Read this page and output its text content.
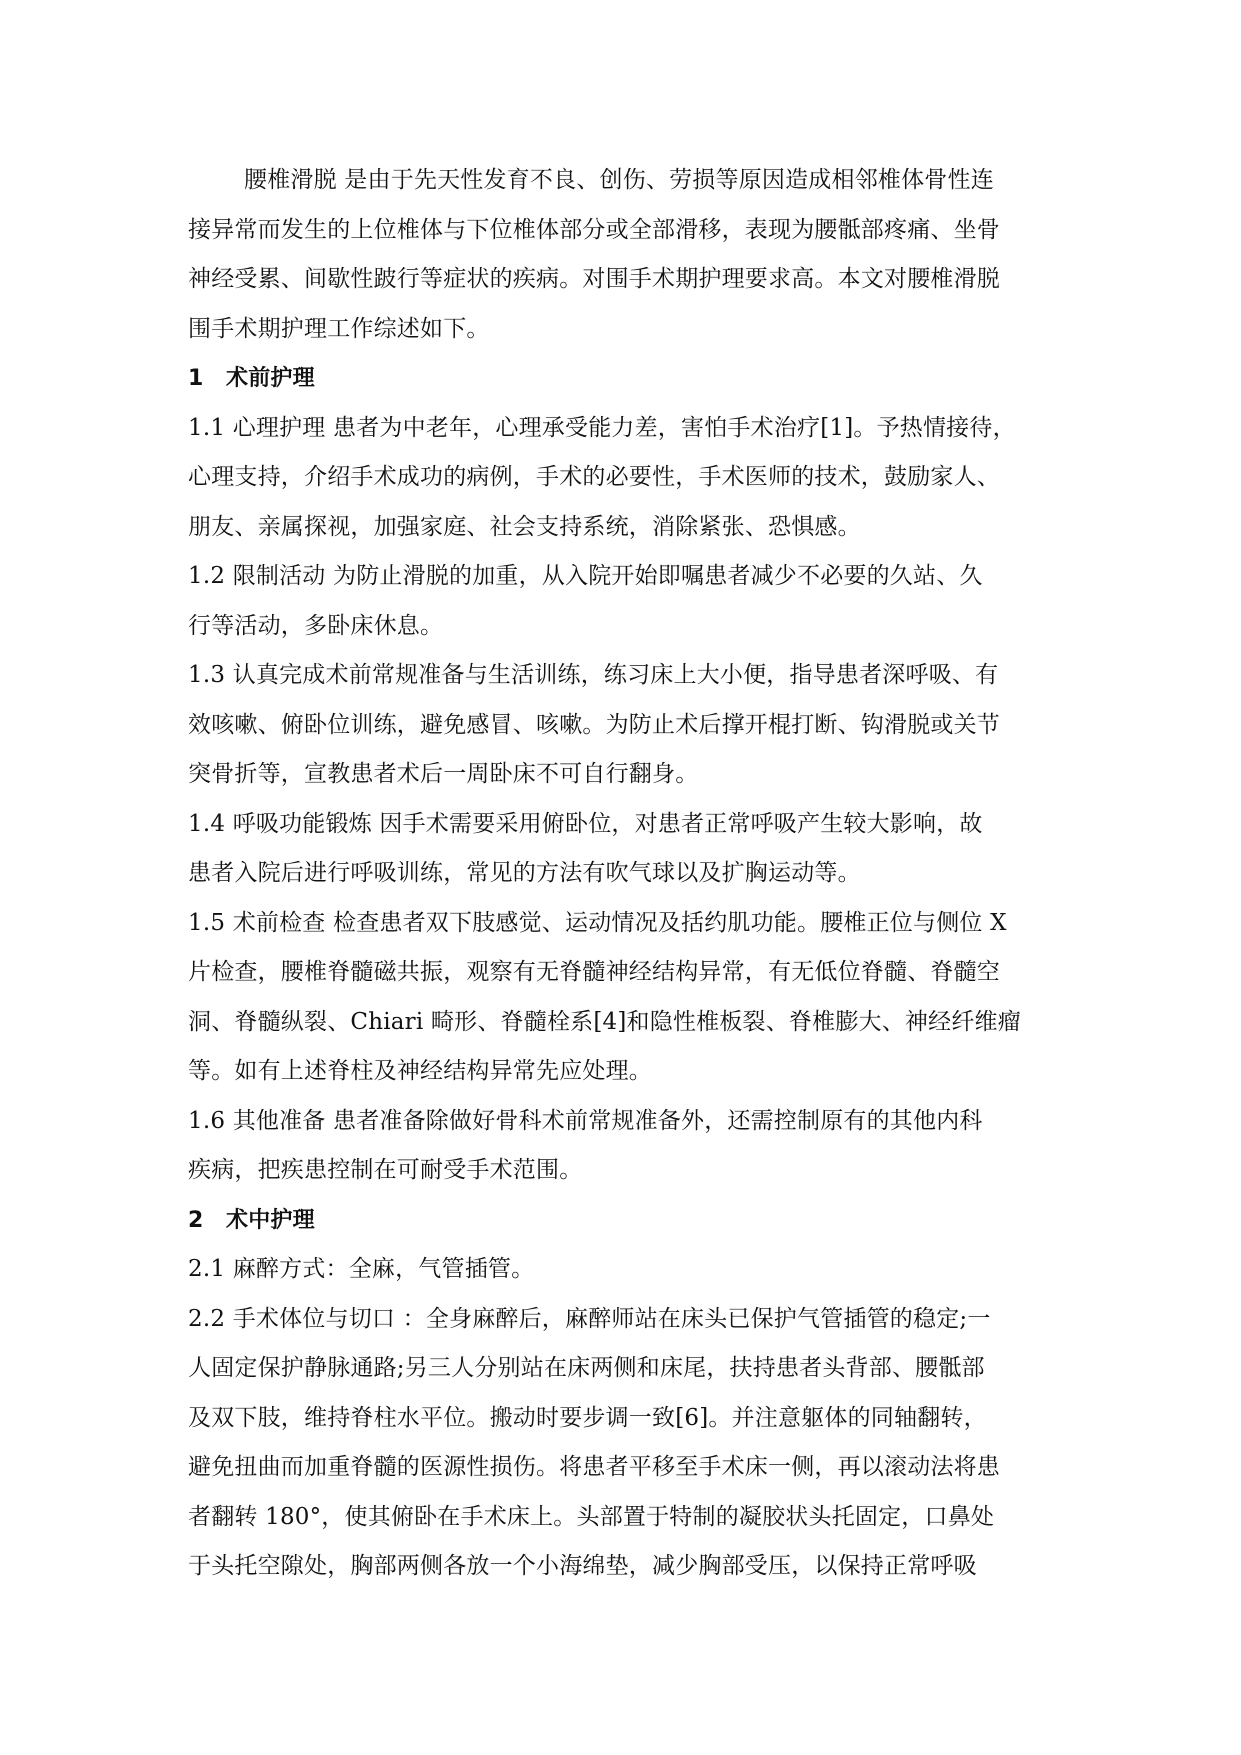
腰椎滑脱 是由于先天性发育不良、创伤、劳损等原因造成相邻椎体骨性连
接异常而发生的上位椎体与下位椎体部分或全部滑移，表现为腰骶部疼痛、坐骨
神经受累、间歇性跛行等症状的疾病。对围手术期护理要求高。本文对腰椎滑脱
围手术期护理工作综述如下。
1 术前护理
1.1 心理护理 患者为中老年，心理承受能力差，害怕手术治疗[1]。予热情接待，
心理支持，介绍手术成功的病例，手术的必要性，手术医师的技术，鼓励家人、
朋友、亲属探视，加强家庭、社会支持系统，消除紧张、恐惧感。
1.2 限制活动 为防止滑脱的加重，从入院开始即嘱患者减少不必要的久站、久
行等活动，多卧床休息。
1.3 认真完成术前常规准备与生活训练，练习床上大小便，指导患者深呼吸、有
效咳嗽、俯卧位训练，避免感冒、咳嗽。为防止术后撑开棍打断、钩滑脱或关节
突骨折等，宣教患者术后一周卧床不可自行翻身。
1.4 呼吸功能锻炼 因手术需要采用俯卧位，对患者正常呼吸产生较大影响，故
患者入院后进行呼吸训练，常见的方法有吹气球以及扩胸运动等。
1.5 术前检查 检查患者双下肢感觉、运动情况及括约肌功能。腰椎正位与侧位 X
片检查，腰椎脊髓磁共振，观察有无脊髓神经结构异常，有无低位脊髓、脊髓空
洞、脊髓纵裂、Chiari 畸形、脊髓栓系[4]和隐性椎板裂、脊椎膨大、神经纤维瘤
等。如有上述脊柱及神经结构异常先应处理。
1.6 其他准备 患者准备除做好骨科术前常规准备外，还需控制原有的其他内科
疾病，把疾患控制在可耐受手术范围。
2 术中护理
2.1 麻醉方式：全麻，气管插管。
2.2 手术体位与切口 ：全身麻醉后，麻醉师站在床头已保护气管插管的稳定;一
人固定保护静脉通路;另三人分别站在床两侧和床尾，扶持患者头背部、腰骶部
及双下肢，维持脊柱水平位。搬动时要步调一致[6]。并注意躯体的同轴翻转，
避免扭曲而加重脊髓的医源性损伤。将患者平移至手术床一侧，再以滚动法将患
者翻转 180°，使其俯卧在手术床上。头部置于特制的凝胶状头托固定，口鼻处
于头托空隙处，胸部两侧各放一个小海绵垫，减少胸部受压，以保持正常呼吸
